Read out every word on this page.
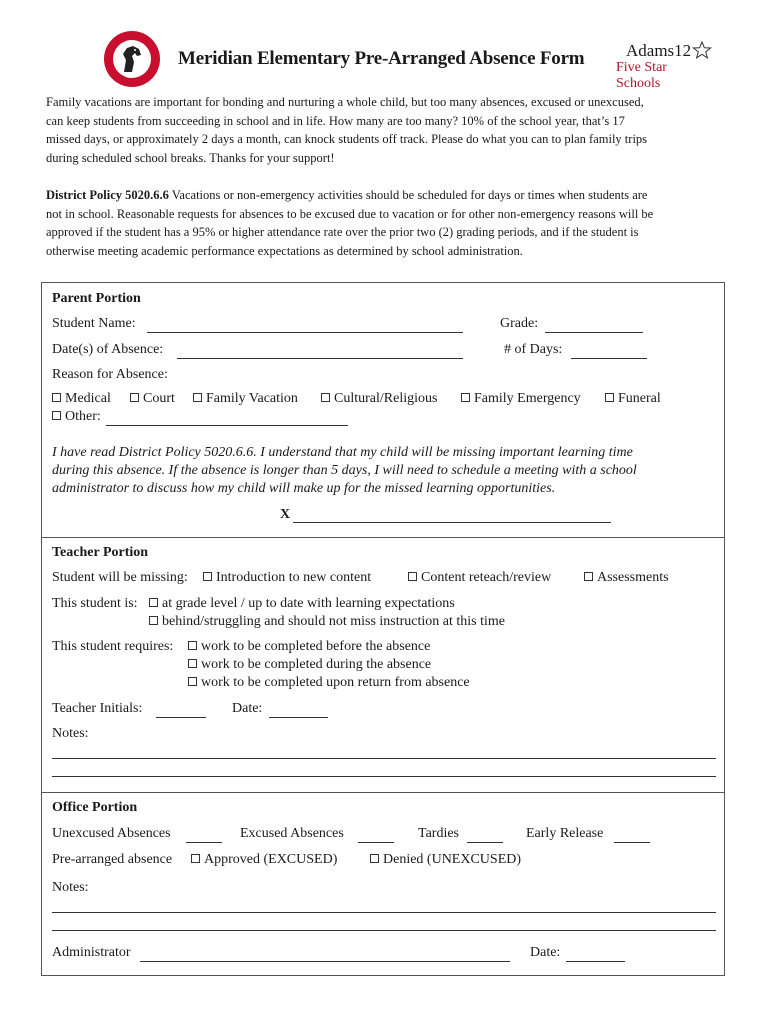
Meridian Elementary Pre-Arranged Absence Form Adams12
Five Star Schools
Family vacations are important for bonding and nurturing a whole child, but too many absences, excused or unexcused,
can keep students from succeeding in school and in life. How many are too many? 10% of the school year, that’s 17
missed days, or approximately 2 days a month, can knock students off track. Please do what you can to plan family trips
during scheduled school breaks. Thanks for your support!
District Policy 5020.6.6 Vacations or non-emergency activities should be scheduled for days or times when students are
not in school. Reasonable requests for absences to be excused due to vacation or for other non-emergency reasons will be
approved if the student has a 95% or higher attendance rate over the prior two (2) grading periods, and if the student is
otherwise meeting academic performance expectations as determined by school administration.
Parent Portion
Student Name:	Grade:
Date(s) of Absence:	# of Days:
Reason for Absence:
Medical	Court	Family Vacation	Cultural/Religious	Family Emergency	Funeral
Other:
I have read District Policy 5020.6.6. I understand that my child will be missing important learning time
during this absence. If the absence is longer than 5 days, I will need to schedule a meeting with a school
administrator to discuss how my child will make up for the missed learning opportunities.
X
Teacher Portion
Student will be missing:	Introduction to new content	Content reteach/review	Assessments
This student is:	at grade level / up to date with learning expectations
behind/struggling and should not miss instruction at this time
This student requires:	work to be completed before the absence
work to be completed during the absence
work to be completed upon return from absence
Teacher Initials:	Date:
Notes:
Office Portion
Unexcused Absences	Excused Absences	Tardies	Early Release
Pre-arranged absence	Approved (EXCUSED)	Denied (UNEXCUSED)
Notes:
Administrator	Date:
